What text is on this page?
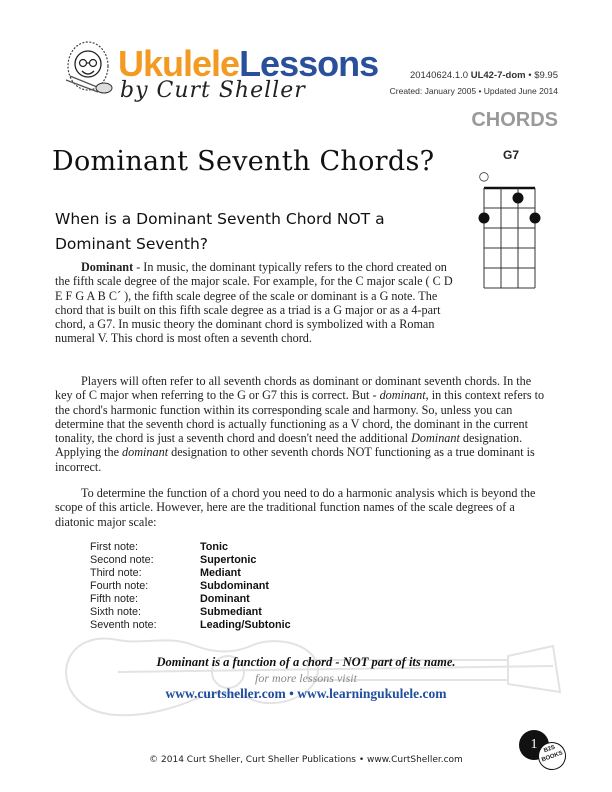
UkuleleLessons
by Curt Sheller
20140624.1.0 UL42-7-dom • $9.95
Created: January 2005 • Updated June 2014
CHORDS
Dominant Seventh Chords?	G7
○
When is a Dominant Seventh Chord NOT a Dominant Seventh?

Dominant - In music, the dominant typically refers to the chord created on the fifth scale degree of the major scale. For example, for the C major scale ( C D E F G A B C´ ), the fifth scale degree of the scale or dominant is a G note. The chord that is built on this fifth scale degree as a triad is a G major or as a 4-part chord, a G7. In music theory the dominant chord is symbolized with a Roman numeral V. This chord is most often a seventh chord.

Players will often refer to all seventh chords as dominant or dominant seventh chords. In the key of C major when referring to the G or G7 this is correct. But - dominant, in this context refers to the chord's harmonic function within its corresponding scale and harmony. So, unless you can determine that the seventh chord is actually functioning as a V chord, the dominant in the current tonality, the chord is just a seventh chord and doesn't need the additional Dominant designation. Applying the dominant designation to other seventh chords NOT functioning as a true dominant is incorrect.

To determine the function of a chord you need to do a harmonic analysis which is beyond the scope of this article. However, here are the traditional function names of the scale degrees of a diatonic major scale:

First note:	Tonic
Second note:	Supertonic
Third note:	Mediant
Fourth note:	Subdominant
Fifth note:	Dominant
Sixth note:	Submediant
Seventh note:	Leading/Subtonic
Dominant is a function of a chord - NOT part of its name.
for more lessons visit
www.curtsheller.com • www.learningukulele.com
1 B2S BOOKS
© 2014 Curt Sheller, Curt Sheller Publications • www.CurtSheller.com
